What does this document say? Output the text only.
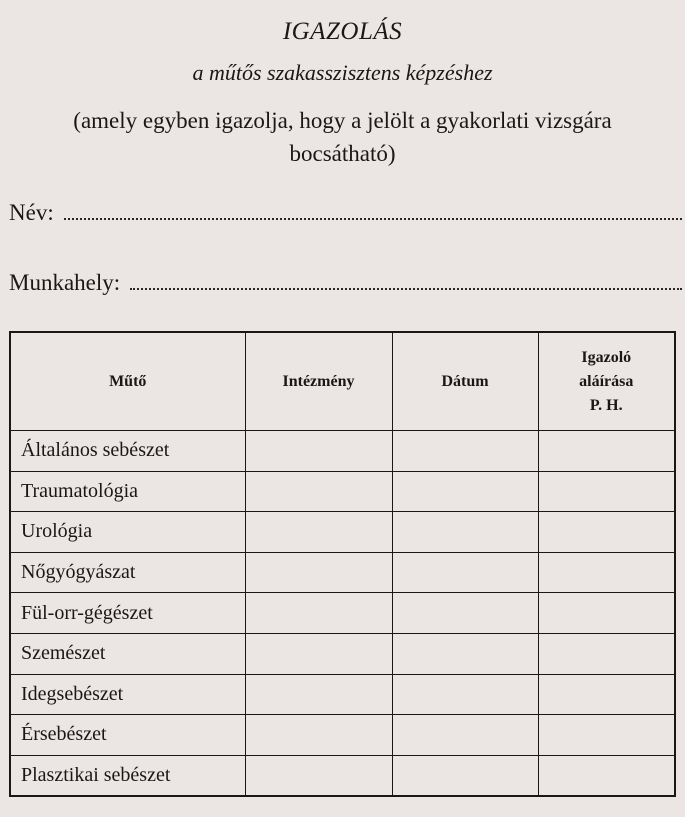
IGAZOLÁS
a műtős szakasszisztens képzéshez
(amely egyben igazolja, hogy a jelölt a gyakorlati vizsgára bocsátható)
Név:
Munkahely:
Műtő	Intézmény	Dátum	Igazoló
aláírása
P. H.

Általános sebészet			
Traumatológia			
Urológia			
Nőgyógyászat			
Fül-orr-gégészet			
Szemészet			
Idegsebészet			
Érsebészet			
Plasztikai sebészet			
